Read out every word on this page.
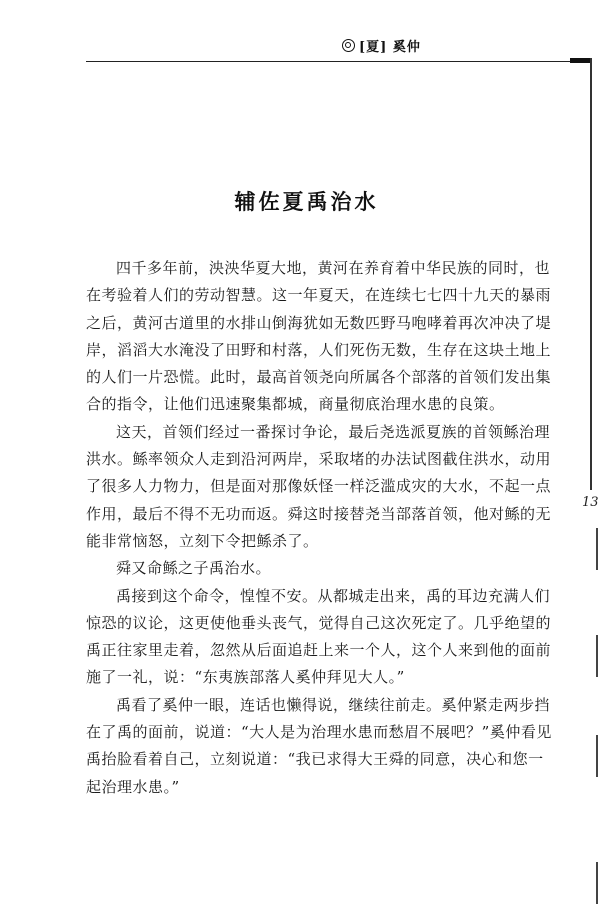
[夏] 奚仲
辅佐夏禹治水

四千多年前，泱泱华夏大地，黄河在养育着中华民族的同时，也在考验着人们的劳动智慧。这一年夏天，在连续七七四十九天的暴雨之后，黄河古道里的水排山倒海犹如无数匹野马咆哮着再次冲决了堤岸，滔滔大水淹没了田野和村落，人们死伤无数，生存在这块土地上的人们一片恐慌。此时，最高首领尧向所属各个部落的首领们发出集合的指令，让他们迅速聚集都城，商量彻底治理水患的良策。

这天，首领们经过一番探讨争论，最后尧选派夏族的首领鲧治理洪水。鲧率领众人走到沿河两岸，采取堵的办法试图截住洪水，动用了很多人力物力，但是面对那像妖怪一样泛滥成灾的大水，不起一点作用，最后不得不无功而返。舜这时接替尧当部落首领，他对鲧的无能非常恼怒，立刻下令把鲧杀了。

舜又命鲧之子禹治水。

禹接到这个命令，惶惶不安。从都城走出来，禹的耳边充满人们惊恐的议论，这更使他垂头丧气，觉得自己这次死定了。几乎绝望的禹正往家里走着，忽然从后面追赶上来一个人，这个人来到他的面前施了一礼，说：“东夷族部落人奚仲拜见大人。”

禹看了奚仲一眼，连话也懒得说，继续往前走。奚仲紧走两步挡在了禹的面前，说道：“大人是为治理水患而愁眉不展吧？”奚仲看见禹抬脸看着自己，立刻说道：“我已求得大王舜的同意，决心和您一起治理水患。”

13
